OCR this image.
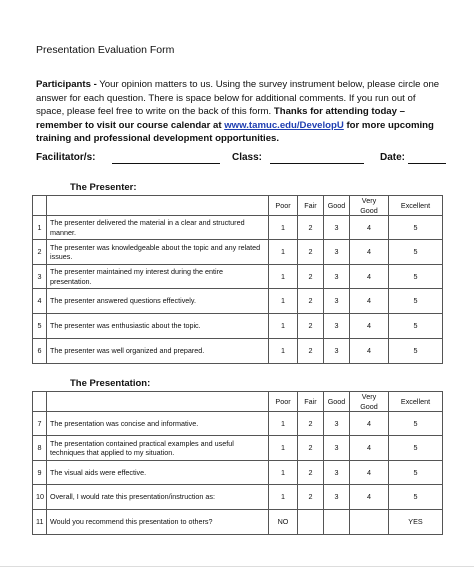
Presentation Evaluation Form
Participants - Your opinion matters to us. Using the survey instrument below, please circle one answer for each question. There is space below for additional comments. If you run out of space, please feel free to write on the back of this form. Thanks for attending today – remember to visit our course calendar at www.tamuc.edu/DevelopU for more upcoming training and professional development opportunities.
Facilitator/s:	Class:	Date:
The Presenter:
		Poor	Fair	Good	Very Good	Excellent
1	The presenter delivered the material in a clear and structured manner.	1	2	3	4	5
2	The presenter was knowledgeable about the topic and any related issues.	1	2	3	4	5
3	The presenter maintained my interest during the entire presentation.	1	2	3	4	5
4	The presenter answered questions effectively.	1	2	3	4	5
5	The presenter was enthusiastic about the topic.	1	2	3	4	5
6	The presenter was well organized and prepared.	1	2	3	4	5
The Presentation:
		Poor	Fair	Good	Very Good	Excellent
7	The presentation was concise and informative.	1	2	3	4	5
8	The presentation contained practical examples and useful techniques that applied to my situation.	1	2	3	4	5
9	The visual aids were effective.	1	2	3	4	5
10	Overall, I would rate this presentation/instruction as:	1	2	3	4	5
11	Would you recommend this presentation to others?	NO				YES
